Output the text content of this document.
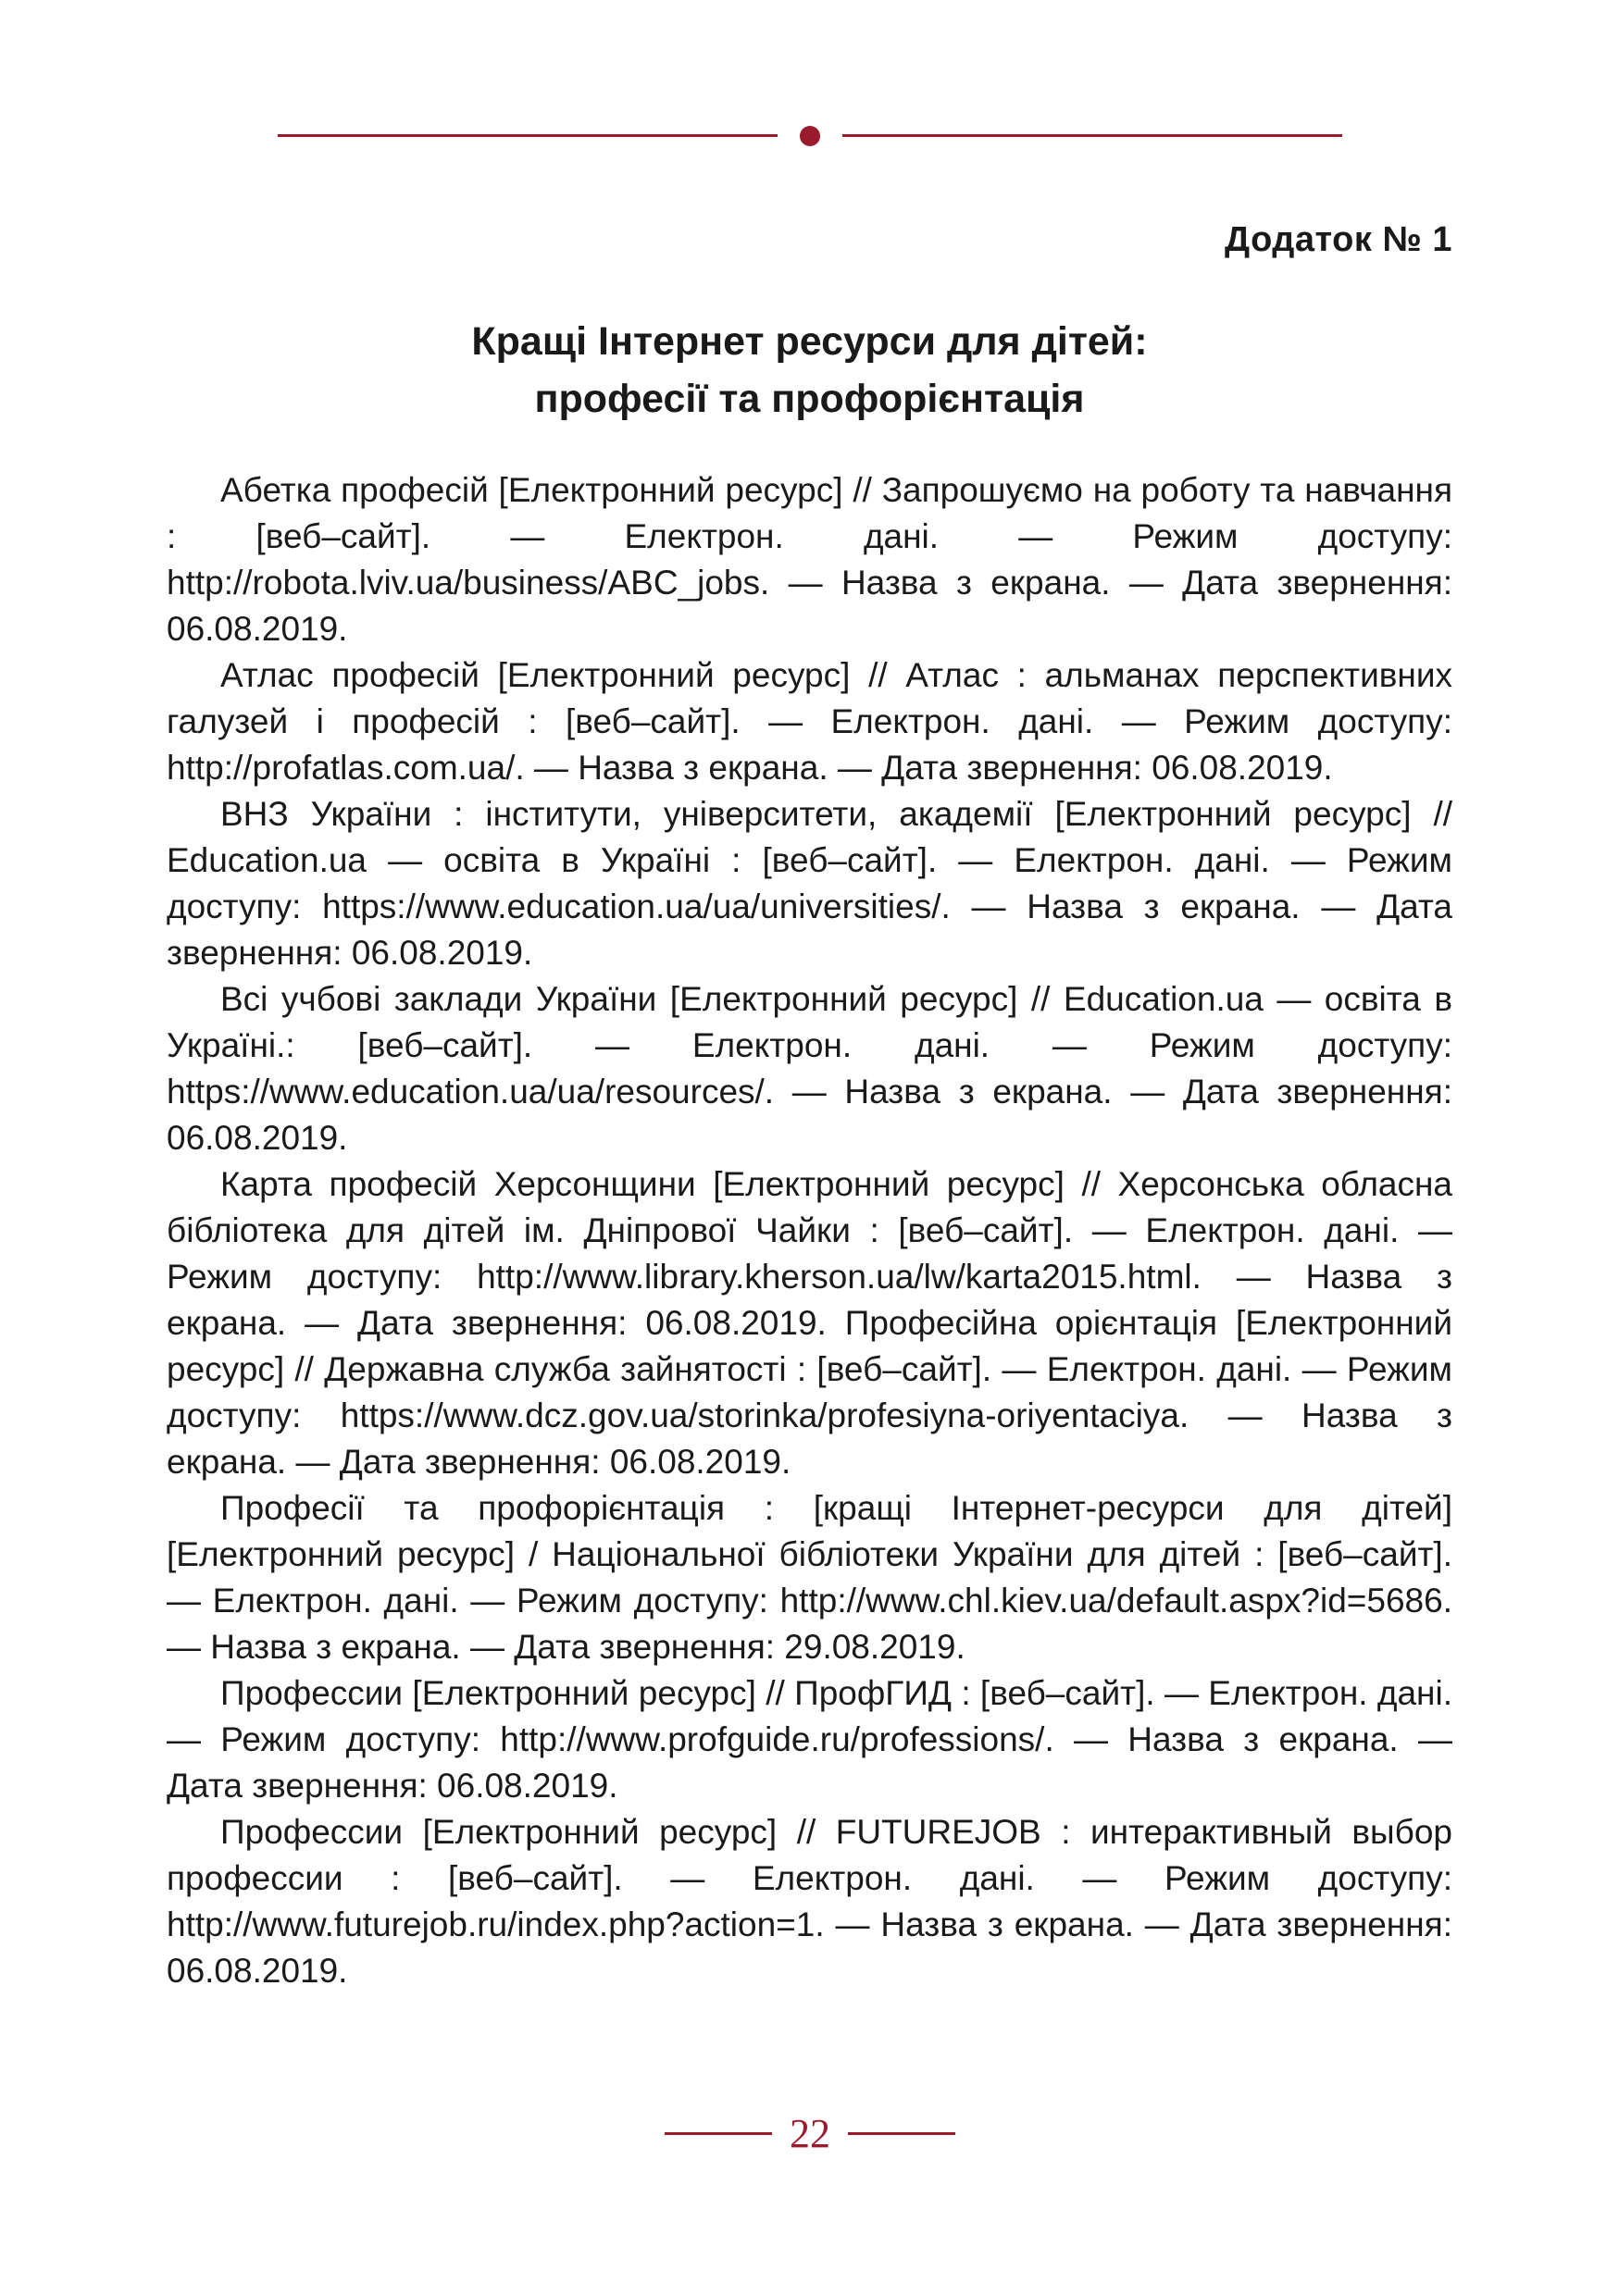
Додаток № 1
Кращі Інтернет ресурси для дітей:
професії та профорієнтація

Абетка професій [Електронний ресурс] // Запрошуємо на роботу та навчання : [веб–сайт]. — Електрон. дані. — Режим доступу: http://robota.lviv.ua/business/ABC_jobs. — Назва з екрана. — Дата звернення: 06.08.2019.

Атлас професій [Електронний ресурс] // Атлас : альманах перспективних галузей і професій : [веб–сайт]. — Електрон. дані. — Режим доступу: http://profatlas.com.ua/. — Назва з екрана. — Дата звернення: 06.08.2019.

ВНЗ України : інститути, університети, академії [Електронний ресурс] // Education.ua — освіта в Україні : [веб–сайт]. — Електрон. дані. — Режим доступу: https://www.education.ua/ua/universities/. — Назва з екрана. — Дата звернення: 06.08.2019.

Всі учбові заклади України [Електронний ресурс] // Education.ua — освіта в Україні.: [веб–сайт]. — Електрон. дані. — Режим доступу: https://www.education.ua/ua/resources/. — Назва з екрана. — Дата звернення: 06.08.2019.

Карта професій Херсонщини [Електронний ресурс] // Херсонська обласна бібліотека для дітей ім. Дніпрової Чайки : [веб–сайт]. — Електрон. дані. — Режим доступу: http://www.library.kherson.ua/lw/karta2015.html. — Назва з екрана. — Дата звернення: 06.08.2019. Професійна орієнтація [Електронний ресурс] // Державна служба зайнятості : [веб–сайт]. — Електрон. дані. — Режим доступу: https://www.dcz.gov.ua/storinka/profesiyna-oriyentaciya. — Назва з екрана. — Дата звернення: 06.08.2019.

Професії та профорієнтація : [кращі Інтернет-ресурси для дітей] [Електронний ресурс] / Національної бібліотеки України для дітей : [веб–сайт]. — Електрон. дані. — Режим доступу: http://www.chl.kiev.ua/default.aspx?id=5686. — Назва з екрана. — Дата звернення: 29.08.2019.

Профессии [Електронний ресурс] // ПрофГИД : [веб–сайт]. — Електрон. дані. — Режим доступу: http://www.profguide.ru/professions/. — Назва з екрана. — Дата звернення: 06.08.2019.

Профессии [Електронний ресурс] // FUTUREJOB : интерактивный выбор профессии : [веб–сайт]. — Електрон. дані. — Режим доступу: http://www.futurejob.ru/index.php?action=1. — Назва з екрана. — Дата звернення: 06.08.2019.

22
